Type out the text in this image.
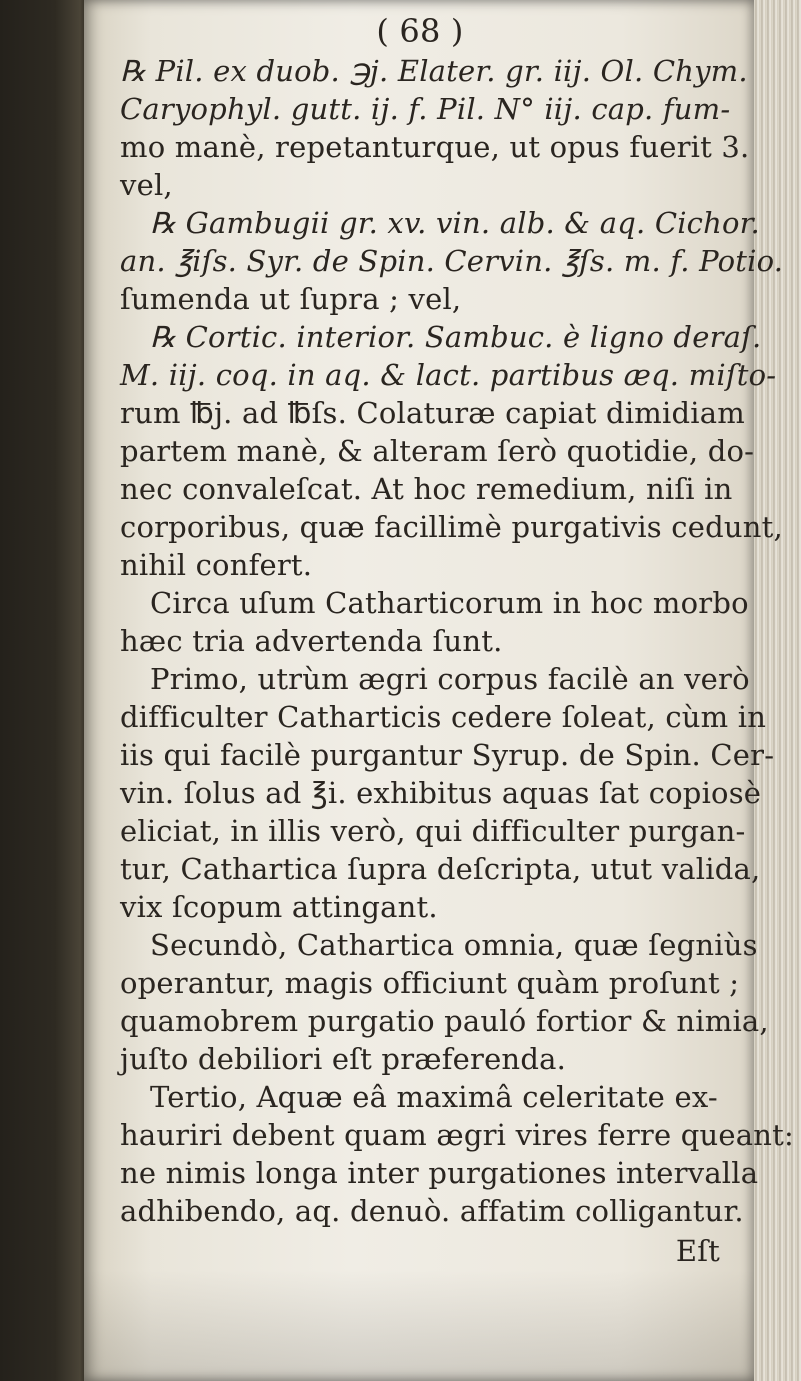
( 68 )
℞ Pil. ex duob. ℈j. Elater. gr. iij. Ol. Chym.
Caryophyl. gutt. ij. f. Pil. N° iij. cap. fum-
mo manè, repetanturque, ut opus fuerit 3.
vel,
℞ Gambugii gr. xv. vin. alb. & aq. Cichor.
an. ℥iſs. Syr. de Spin. Cervin. ℥ſs. m. f. Potio.
ſumenda ut ſupra ; vel,
℞ Cortic. interior. Sambuc. è ligno deraſ.
M. iij. coq. in aq. & lact. partibus æq. miſto-
rum ℔j. ad ℔ſs. Colaturæ capiat dimidiam
partem manè, & alteram ſerò quotidie, do-
nec convaleſcat. At hoc remedium, niſi in
corporibus, quæ facillimè purgativis cedunt,
nihil confert.
Circa uſum Catharticorum in hoc morbo
hæc tria advertenda ſunt.
Primo, utrùm ægri corpus facilè an verò
difficulter Catharticis cedere ſoleat, cùm in
iis qui facilè purgantur Syrup. de Spin. Cer-
vin. ſolus ad ℥i. exhibitus aquas ſat copiosè
eliciat, in illis verò, qui difficulter purgan-
tur, Cathartica ſupra deſcripta, utut valida,
vix ſcopum attingant.
Secundò, Cathartica omnia, quæ ſegniùs
operantur, magis officiunt quàm proſunt ;
quamobrem purgatio pauló fortior & nimia,
juſto debiliori eſt præferenda.
Tertio, Aquæ eâ maximâ celeritate ex-
hauriri debent quam ægri vires ferre queant:
ne nimis longa inter purgationes intervalla
adhibendo, aq. denuò. affatim colligantur.
Eſt
